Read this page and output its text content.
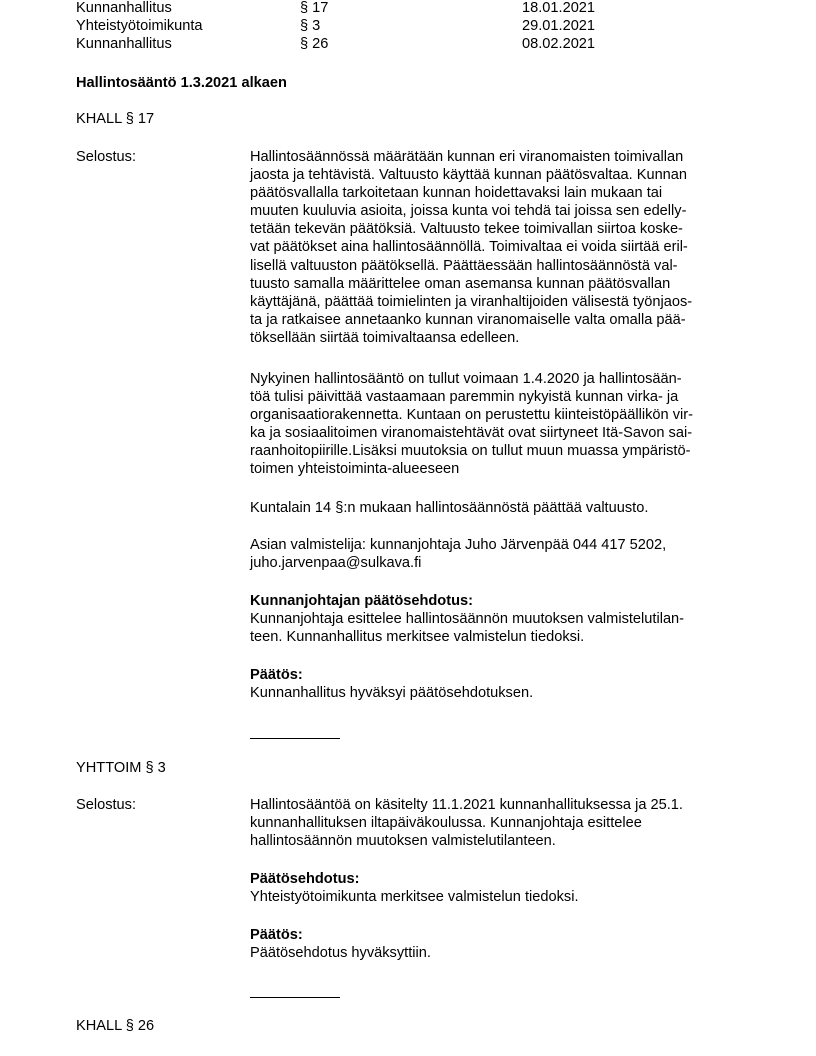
Kunnanhallitus	§ 17	18.01.2021
Yhteistyötoimikunta	§ 3	29.01.2021
Kunnanhallitus	§ 26	08.02.2021
Hallintosääntö 1.3.2021 alkaen
KHALL § 17
Selostus:	Hallintosäännössä määrätään kunnan eri viranomaisten toimivallan
jaosta ja tehtävistä. Valtuusto käyttää kunnan päätösvaltaa. Kunnan
päätösvallalla tarkoitetaan kunnan hoidettavaksi lain mukaan tai
muuten kuuluvia asioita, joissa kunta voi tehdä tai joissa sen edelly-
tetään tekevän päätöksiä. Valtuusto tekee toimivallan siirtoa koske-
vat päätökset aina hallintosäännöllä. Toimivaltaa ei voida siirtää eril-
lisellä valtuuston päätöksellä. Päättäessään hallintosäännöstä val-
tuusto samalla määrittelee oman asemansa kunnan päätösvallan
käyttäjänä, päättää toimielinten ja viranhaltijoiden välisestä työnjaos-
ta ja ratkaisee annetaanko kunnan viranomaiselle valta omalla pää-
töksellään siirtää toimivaltaansa edelleen.
Nykyinen hallintosääntö on tullut voimaan 1.4.2020 ja hallintosään-
töä tulisi päivittää vastaamaan paremmin nykyistä kunnan virka- ja
organisaatiorakennetta. Kuntaan on perustettu kiinteistöpäällikön vir-
ka ja sosiaalitoimen viranomaistehtävät ovat siirtyneet Itä-Savon sai-
raanhoitopiirille.Lisäksi muutoksia on tullut muun muassa ympäristö-
toimen yhteistoiminta-alueeseen
Kuntalain 14 §:n mukaan hallintosäännöstä päättää valtuusto.
Asian valmistelija: kunnanjohtaja Juho Järvenpää 044 417 5202,
juho.jarvenpaa@sulkava.fi
Kunnanjohtajan päätösehdotus:
Kunnanjohtaja esittelee hallintosäännön muutoksen valmistelutilan-
teen. Kunnanhallitus merkitsee valmistelun tiedoksi.
Päätös:
Kunnanhallitus hyväksyi päätösehdotuksen.
YHTTOIM § 3
Selostus:	Hallintosääntöä on käsitelty 11.1.2021 kunnanhallituksessa ja 25.1.
kunnanhallituksen iltapäiväkoulussa. Kunnanjohtaja esittelee
hallintosäännön muutoksen valmistelutilanteen.
Päätösehdotus:
Yhteistyötoimikunta merkitsee valmistelun tiedoksi.
Päätös:
Päätösehdotus hyväksyttiin.
KHALL § 26
